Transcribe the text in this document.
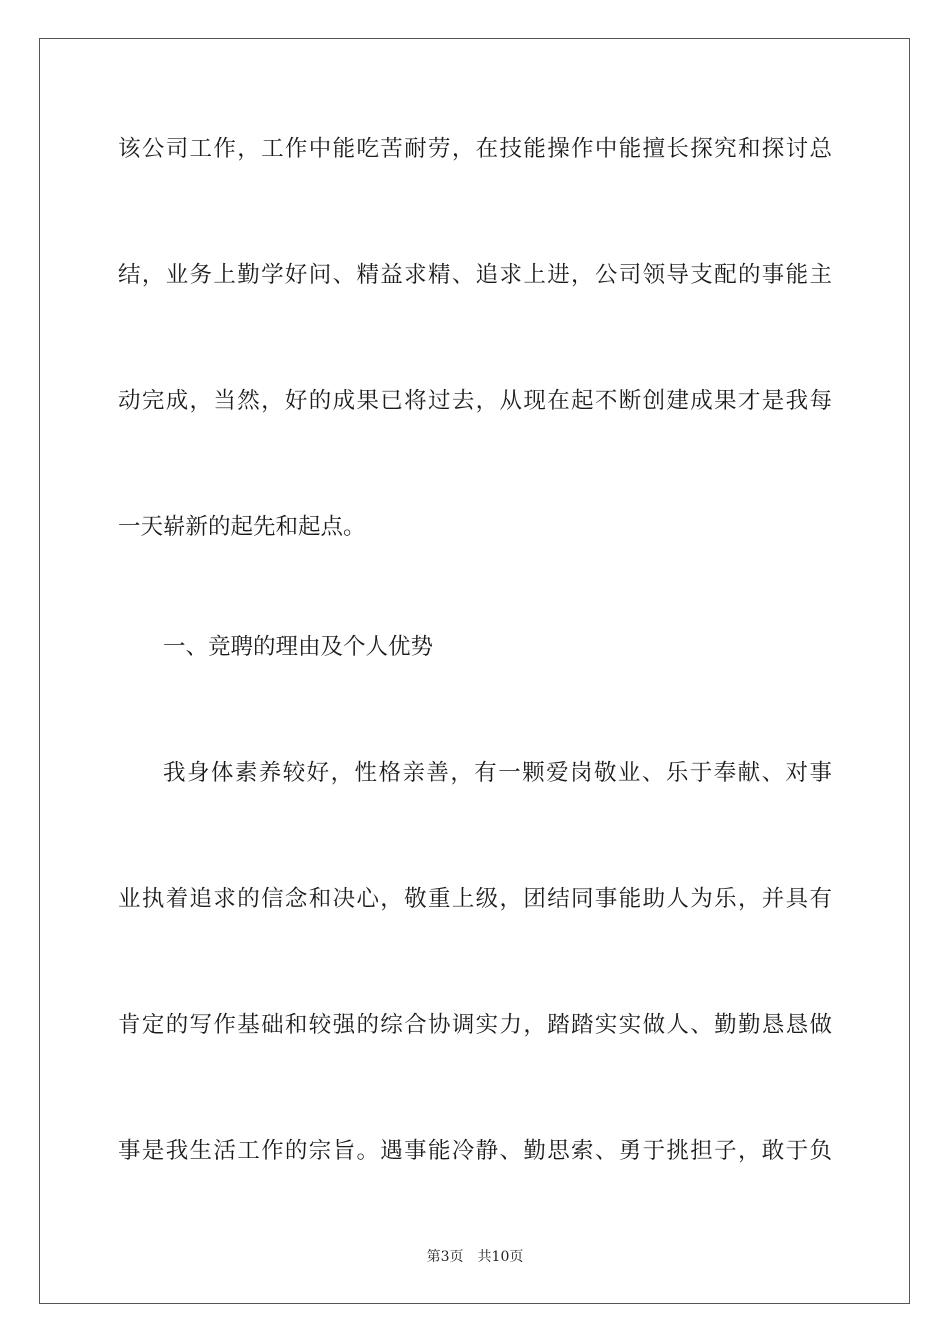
该公司工作，工作中能吃苦耐劳，在技能操作中能擅长探究和探讨总

结，业务上勤学好问、精益求精、追求上进，公司领导支配的事能主

动完成，当然，好的成果已将过去，从现在起不断创建成果才是我每

一天崭新的起先和起点。

一、竞聘的理由及个人优势

我身体素养较好，性格亲善，有一颗爱岗敬业、乐于奉献、对事

业执着追求的信念和决心，敬重上级，团结同事能助人为乐，并具有

肯定的写作基础和较强的综合协调实力，踏踏实实做人、勤勤恳恳做

事是我生活工作的宗旨。遇事能冷静、勤思索、勇于挑担子，敢于负

第3页 共10页
